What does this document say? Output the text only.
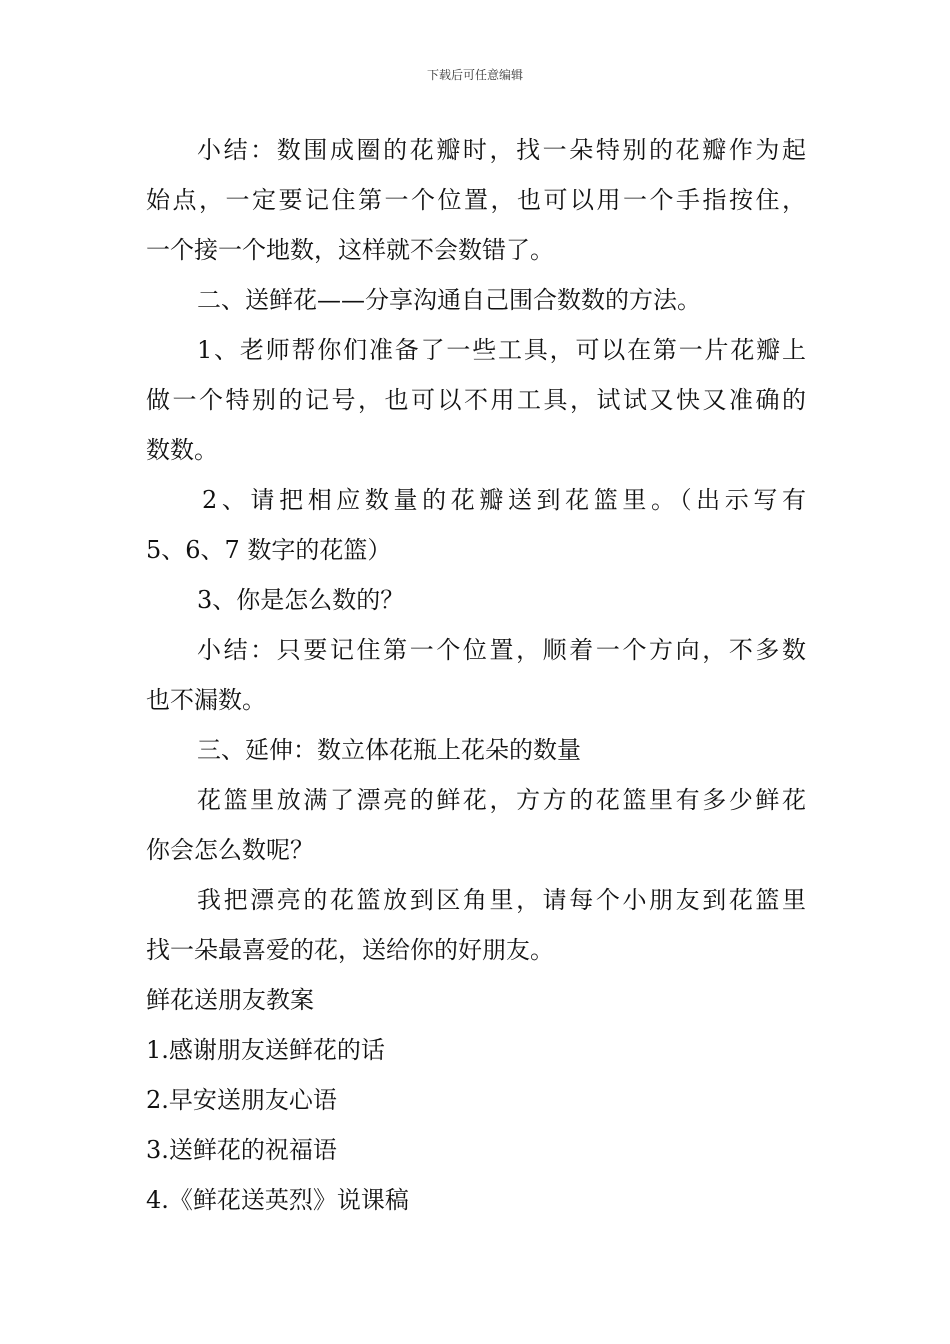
下载后可任意编辑
小结：数围成圈的花瓣时，找一朵特别的花瓣作为起
始点，一定要记住第一个位置，也可以用一个手指按住，
一个接一个地数，这样就不会数错了。
二、送鲜花——分享沟通自己围合数数的方法。
1、老师帮你们准备了一些工具，可以在第一片花瓣上
做一个特别的记号，也可以不用工具，试试又快又准确的
数数。
2、请把相应数量的花瓣送到花篮里。（出示写有
5、6、7 数字的花篮）
3、你是怎么数的？
小结：只要记住第一个位置，顺着一个方向，不多数
也不漏数。
三、延伸：数立体花瓶上花朵的数量
花篮里放满了漂亮的鲜花，方方的花篮里有多少鲜花
你会怎么数呢？
我把漂亮的花篮放到区角里，请每个小朋友到花篮里
找一朵最喜爱的花，送给你的好朋友。
鲜花送朋友教案
1.感谢朋友送鲜花的话
2.早安送朋友心语
3.送鲜花的祝福语
4.《鲜花送英烈》说课稿
